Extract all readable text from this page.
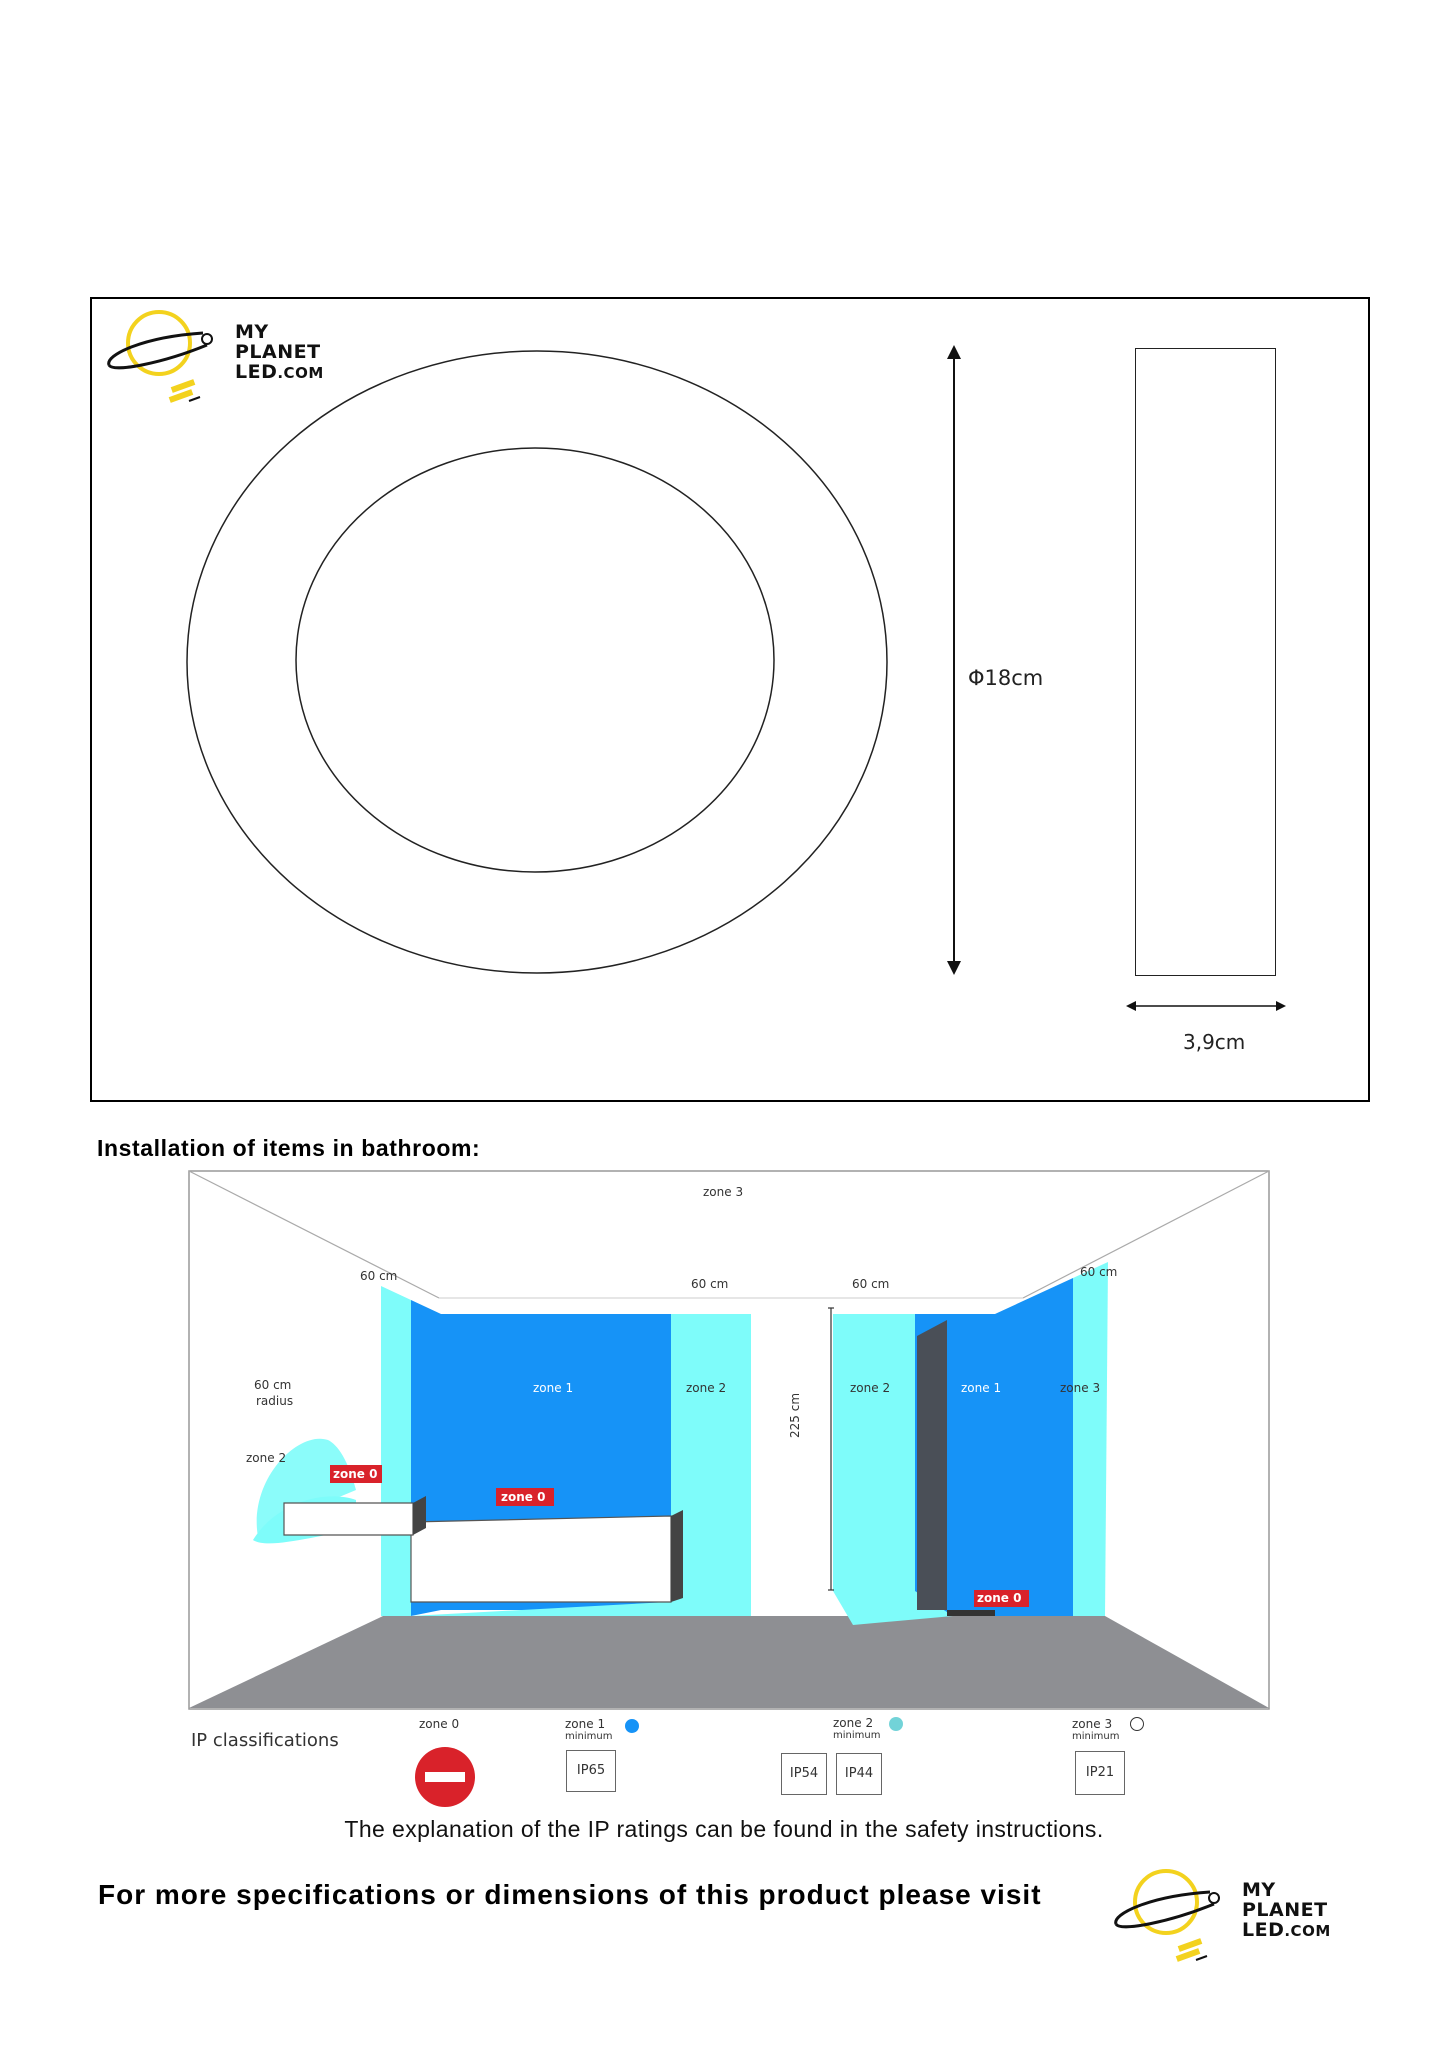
MY
PLANET
LED.COM
Φ18cm
3,9cm
Installation of items in bathroom:
zone 3
zone 3
60 cm
60 cm	60 cm
60 cm
60 cm
radius
zone 2
zone 0
zone 0
zone 1	zone 2
225 cm
zone 2	zone 1
zone 0
IP classifications
zone 0	zone 1
minimum
zone 2
minimum
zone 3
minimum
IP65	IP54	IP44	IP21
The explanation of the IP ratings can be found in the safety instructions.
For more specifications or dimensions of this product please visit	MY
PLANET
LED.COM
